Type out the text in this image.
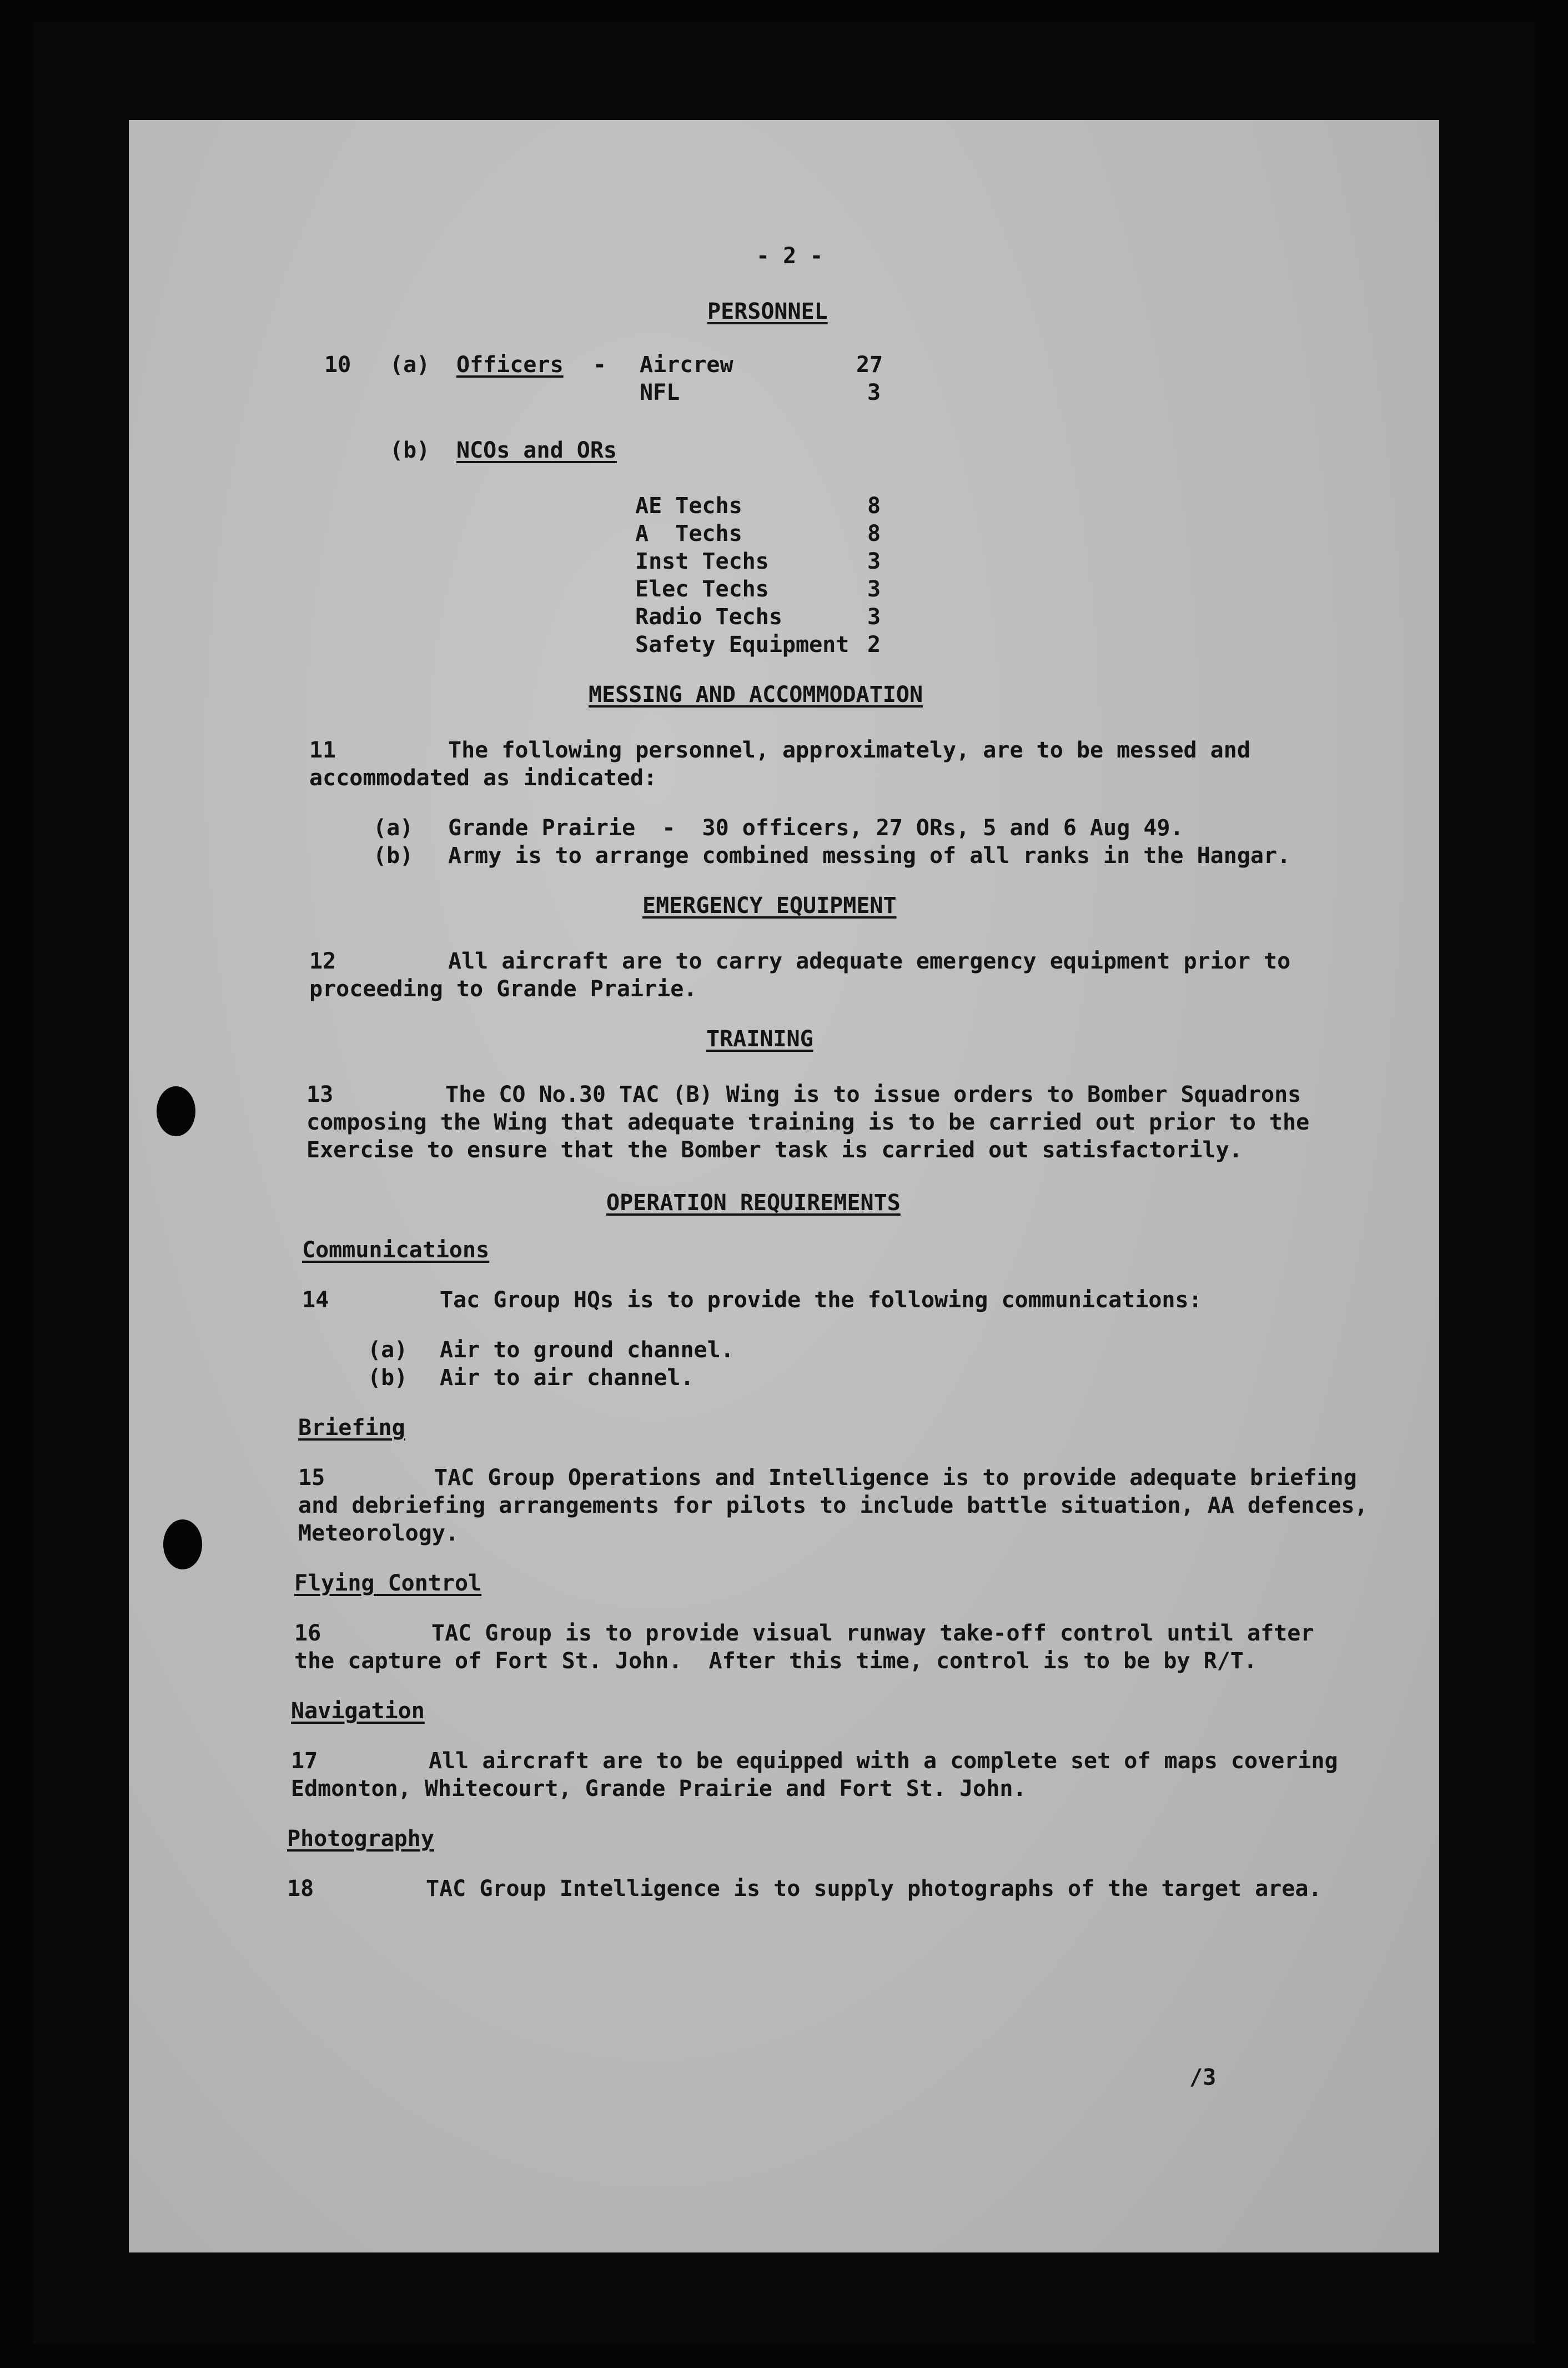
- 2 -
PERSONNEL
10 (a) Officers - Aircrew	27
NFL	3
(b) NCOs and ORs
AE Techs	8
A  Techs	8
Inst Techs	3
Elec Techs	3
Radio Techs	3
Safety Equipment 2
MESSING AND ACCOMMODATION
11	The following personnel, approximately, are to be messed and
accommodated as indicated:
(a) Grande Prairie  -  30 officers, 27 ORs, 5 and 6 Aug 49.
(b) Army is to arrange combined messing of all ranks in the Hangar.
EMERGENCY EQUIPMENT
12	All aircraft are to carry adequate emergency equipment prior to
proceeding to Grande Prairie.
TRAINING
13	The CO No.30 TAC (B) Wing is to issue orders to Bomber Squadrons
composing the Wing that adequate training is to be carried out prior to the
Exercise to ensure that the Bomber task is carried out satisfactorily.
OPERATION REQUIREMENTS
Communications
14	Tac Group HQs is to provide the following communications:
(a) Air to ground channel.
(b) Air to air channel.
Briefing
15	TAC Group Operations and Intelligence is to provide adequate briefing
and debriefing arrangements for pilots to include battle situation, AA defences,
Meteorology.
Flying Control
16	TAC Group is to provide visual runway take-off control until after
the capture of Fort St. John.  After this time, control is to be by R/T.
Navigation
17	All aircraft are to be equipped with a complete set of maps covering
Edmonton, Whitecourt, Grande Prairie and Fort St. John.
Photography
18	TAC Group Intelligence is to supply photographs of the target area.
/3
